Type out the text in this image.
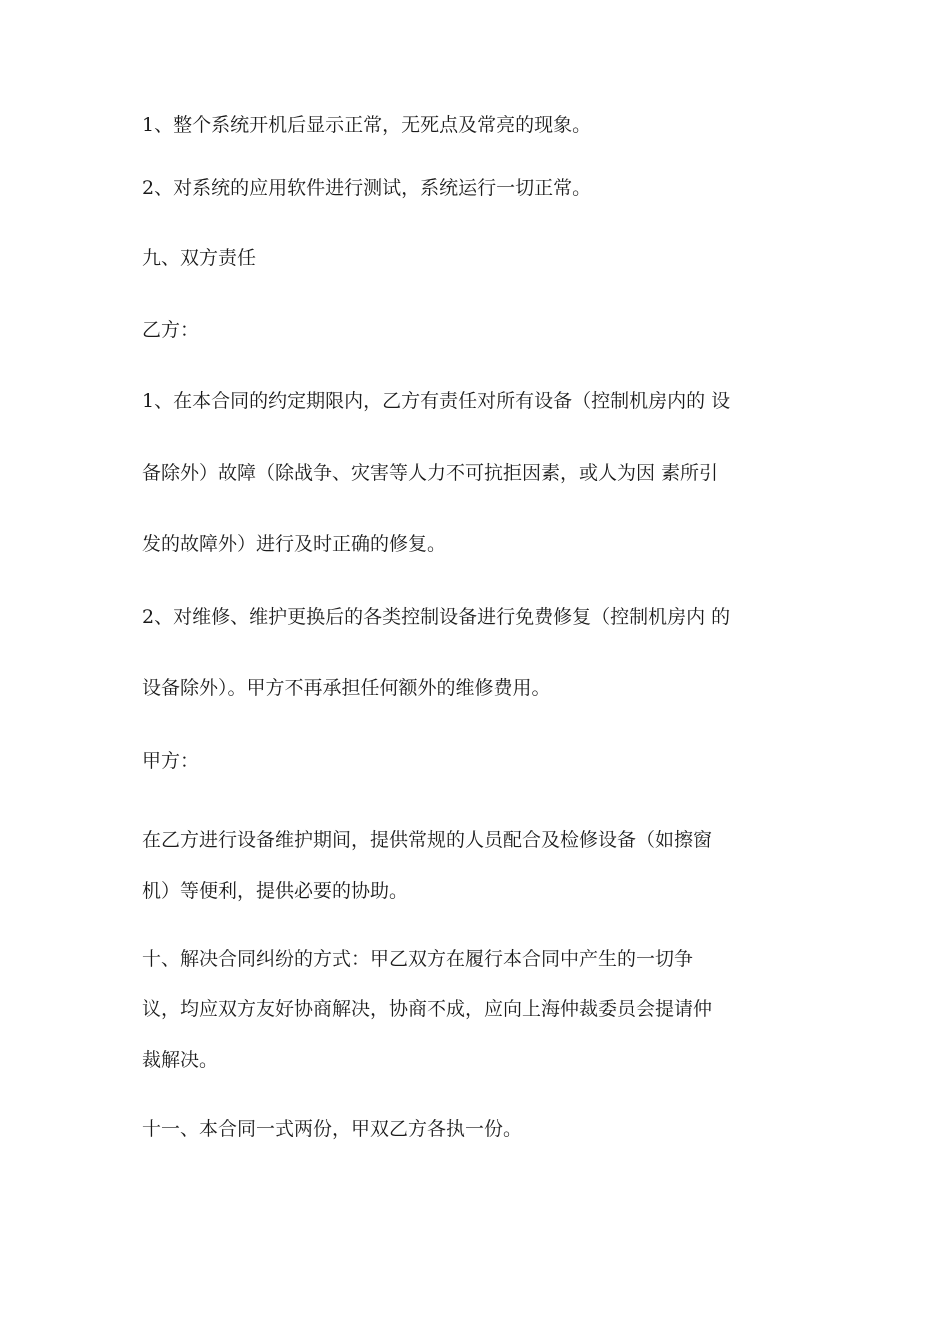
1、整个系统开机后显示正常，无死点及常亮的现象。
2、对系统的应用软件进行测试，系统运行一切正常。
九、双方责任
乙方：
1、在本合同的约定期限内，乙方有责任对所有设备（控制机房内的 设
备除外）故障（除战争、灾害等人力不可抗拒因素，或人为因 素所引
发的故障外）进行及时正确的修复。
2、对维修、维护更换后的各类控制设备进行免费修复（控制机房内 的
设备除外）。甲方不再承担任何额外的维修费用。
甲方：
在乙方进行设备维护期间，提供常规的人员配合及检修设备（如擦窗
机）等便利，提供必要的协助。
十、解决合同纠纷的方式：甲乙双方在履行本合同中产生的一切争
议，均应双方友好协商解决，协商不成，应向上海仲裁委员会提请仲
裁解决。
十一、本合同一式两份，甲双乙方各执一份。
